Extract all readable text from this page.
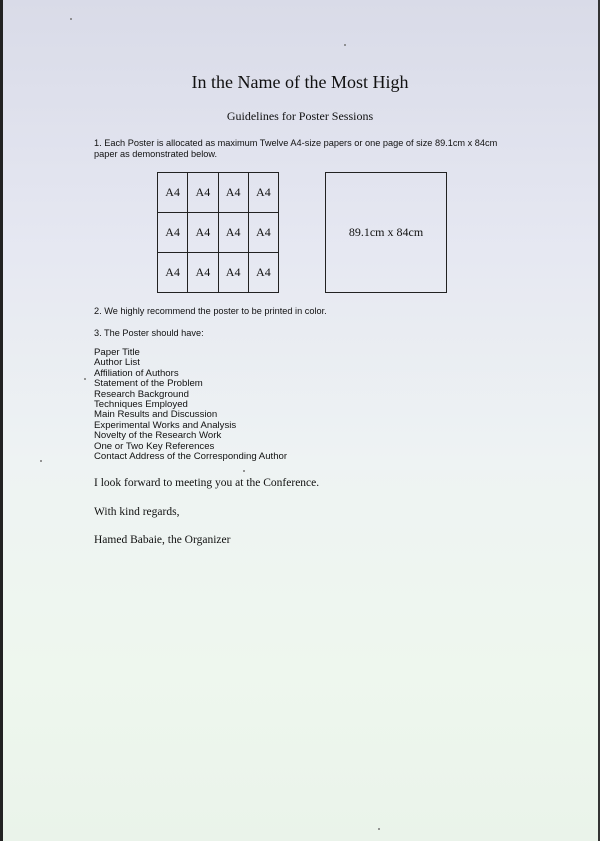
In the Name of the Most High
Guidelines for Poster Sessions
1. Each Poster is allocated as maximum Twelve A4-size papers or one page of size 89.1cm x 84cm paper as demonstrated below.
A4	A4	A4	A4
A4	A4	A4	A4
A4	A4	A4	A4
89.1cm x 84cm
2. We highly recommend the poster to be printed in color.
3. The Poster should have:
Paper Title
Author List
Affiliation of Authors
Statement of the Problem
Research Background
Techniques Employed
Main Results and Discussion
Experimental Works and Analysis
Novelty of the Research Work
One or Two Key References
Contact Address of the Corresponding Author
I look forward to meeting you at the Conference.
With kind regards,
Hamed Babaie, the Organizer
